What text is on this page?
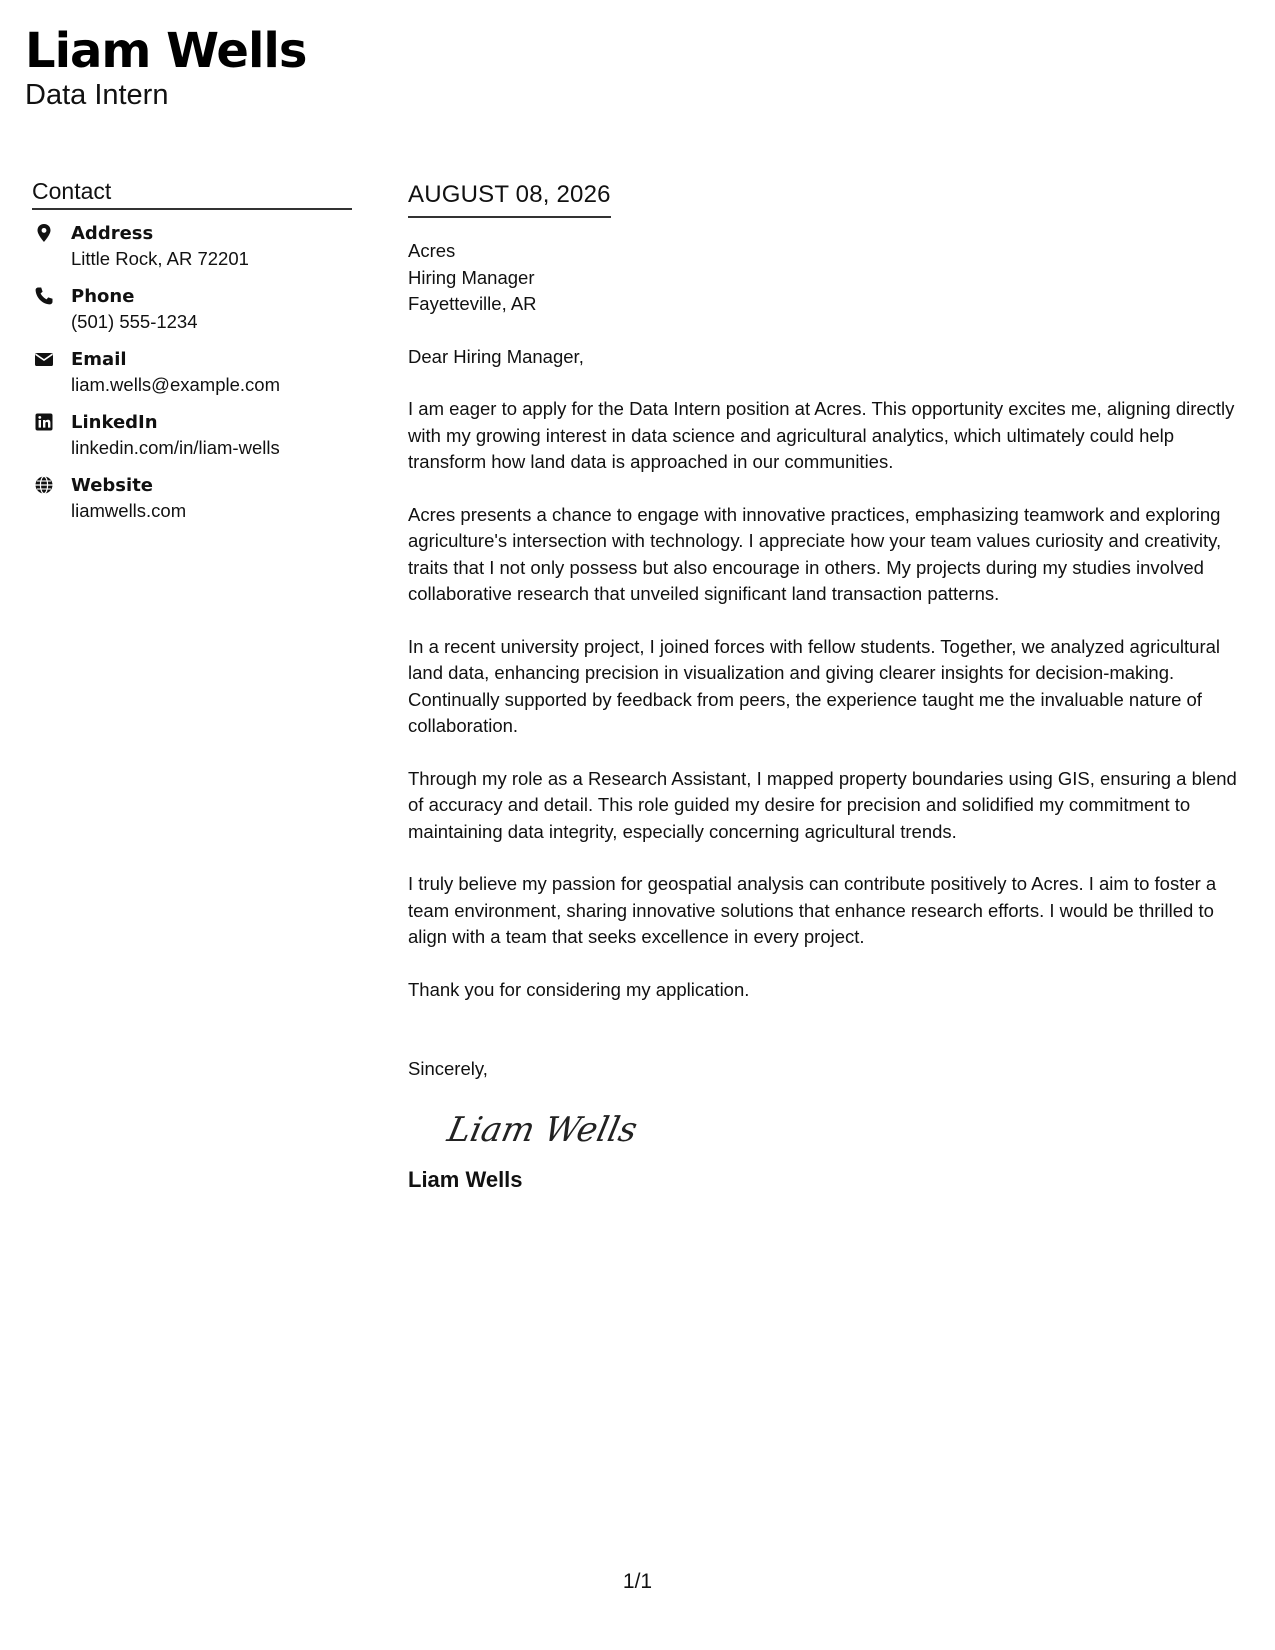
Liam Wells
Data Intern
Contact
Address
Little Rock, AR 72201
Phone
(501) 555-1234
Email
liam.wells@example.com
LinkedIn
linkedin.com/in/liam-wells
Website
liamwells.com
AUGUST 08, 2026
Acres
Hiring Manager
Fayetteville, AR
Dear Hiring Manager,
I am eager to apply for the Data Intern position at Acres. This opportunity excites me, aligning directly with my growing interest in data science and agricultural analytics, which ultimately could help transform how land data is approached in our communities.
Acres presents a chance to engage with innovative practices, emphasizing teamwork and exploring agriculture's intersection with technology. I appreciate how your team values curiosity and creativity, traits that I not only possess but also encourage in others. My projects during my studies involved collaborative research that unveiled significant land transaction patterns.
In a recent university project, I joined forces with fellow students. Together, we analyzed agricultural land data, enhancing precision in visualization and giving clearer insights for decision-making. Continually supported by feedback from peers, the experience taught me the invaluable nature of collaboration.
Through my role as a Research Assistant, I mapped property boundaries using GIS, ensuring a blend of accuracy and detail. This role guided my desire for precision and solidified my commitment to maintaining data integrity, especially concerning agricultural trends.
I truly believe my passion for geospatial analysis can contribute positively to Acres. I aim to foster a team environment, sharing innovative solutions that enhance research efforts. I would be thrilled to align with a team that seeks excellence in every project.
Thank you for considering my application.
Sincerely,
Liam Wells
Liam Wells
1/1
